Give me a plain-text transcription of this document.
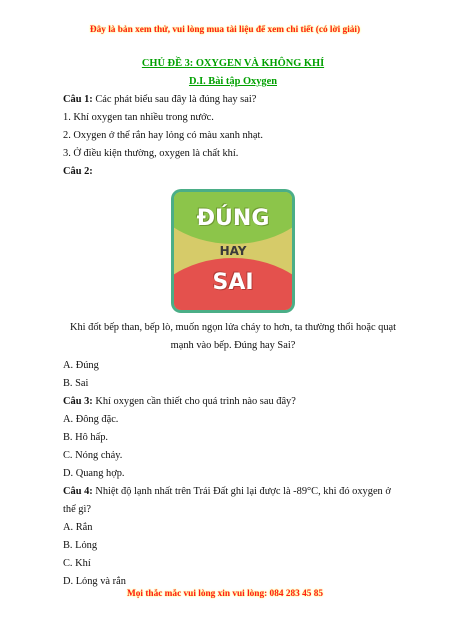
Đây là bản xem thử, vui lòng mua tài liệu để xem chi tiết (có lời giải)
CHỦ ĐỀ 3: OXYGEN VÀ KHÔNG KHÍ
D.I. Bài tập Oxygen
Câu 1: Các phát biểu sau đây là đúng hay sai?
1. Khí oxygen tan nhiều trong nước.
2. Oxygen ở thể rắn hay lỏng có màu xanh nhạt.
3. Ở điều kiện thường, oxygen là chất khí.
Câu 2:
ĐÚNG
HAY
SAI
Khi đốt bếp than, bếp lò, muốn ngọn lửa cháy to hơn, ta thường thổi hoặc quạt mạnh vào bếp. Đúng hay Sai?
A. Đúng
B. Sai
Câu 3: Khí oxygen cần thiết cho quá trình nào sau đây?
A. Đông đặc.
B. Hô hấp.
C. Nóng chảy.
D. Quang hợp.
Câu 4: Nhiệt độ lạnh nhất trên Trái Đất ghi lại được là -89°C, khi đó oxygen ở thể gì?
A. Rắn
B. Lỏng
C. Khí
D. Lỏng và rắn
Mọi thắc mắc vui lòng xin vui lòng: 084 283 45 85
